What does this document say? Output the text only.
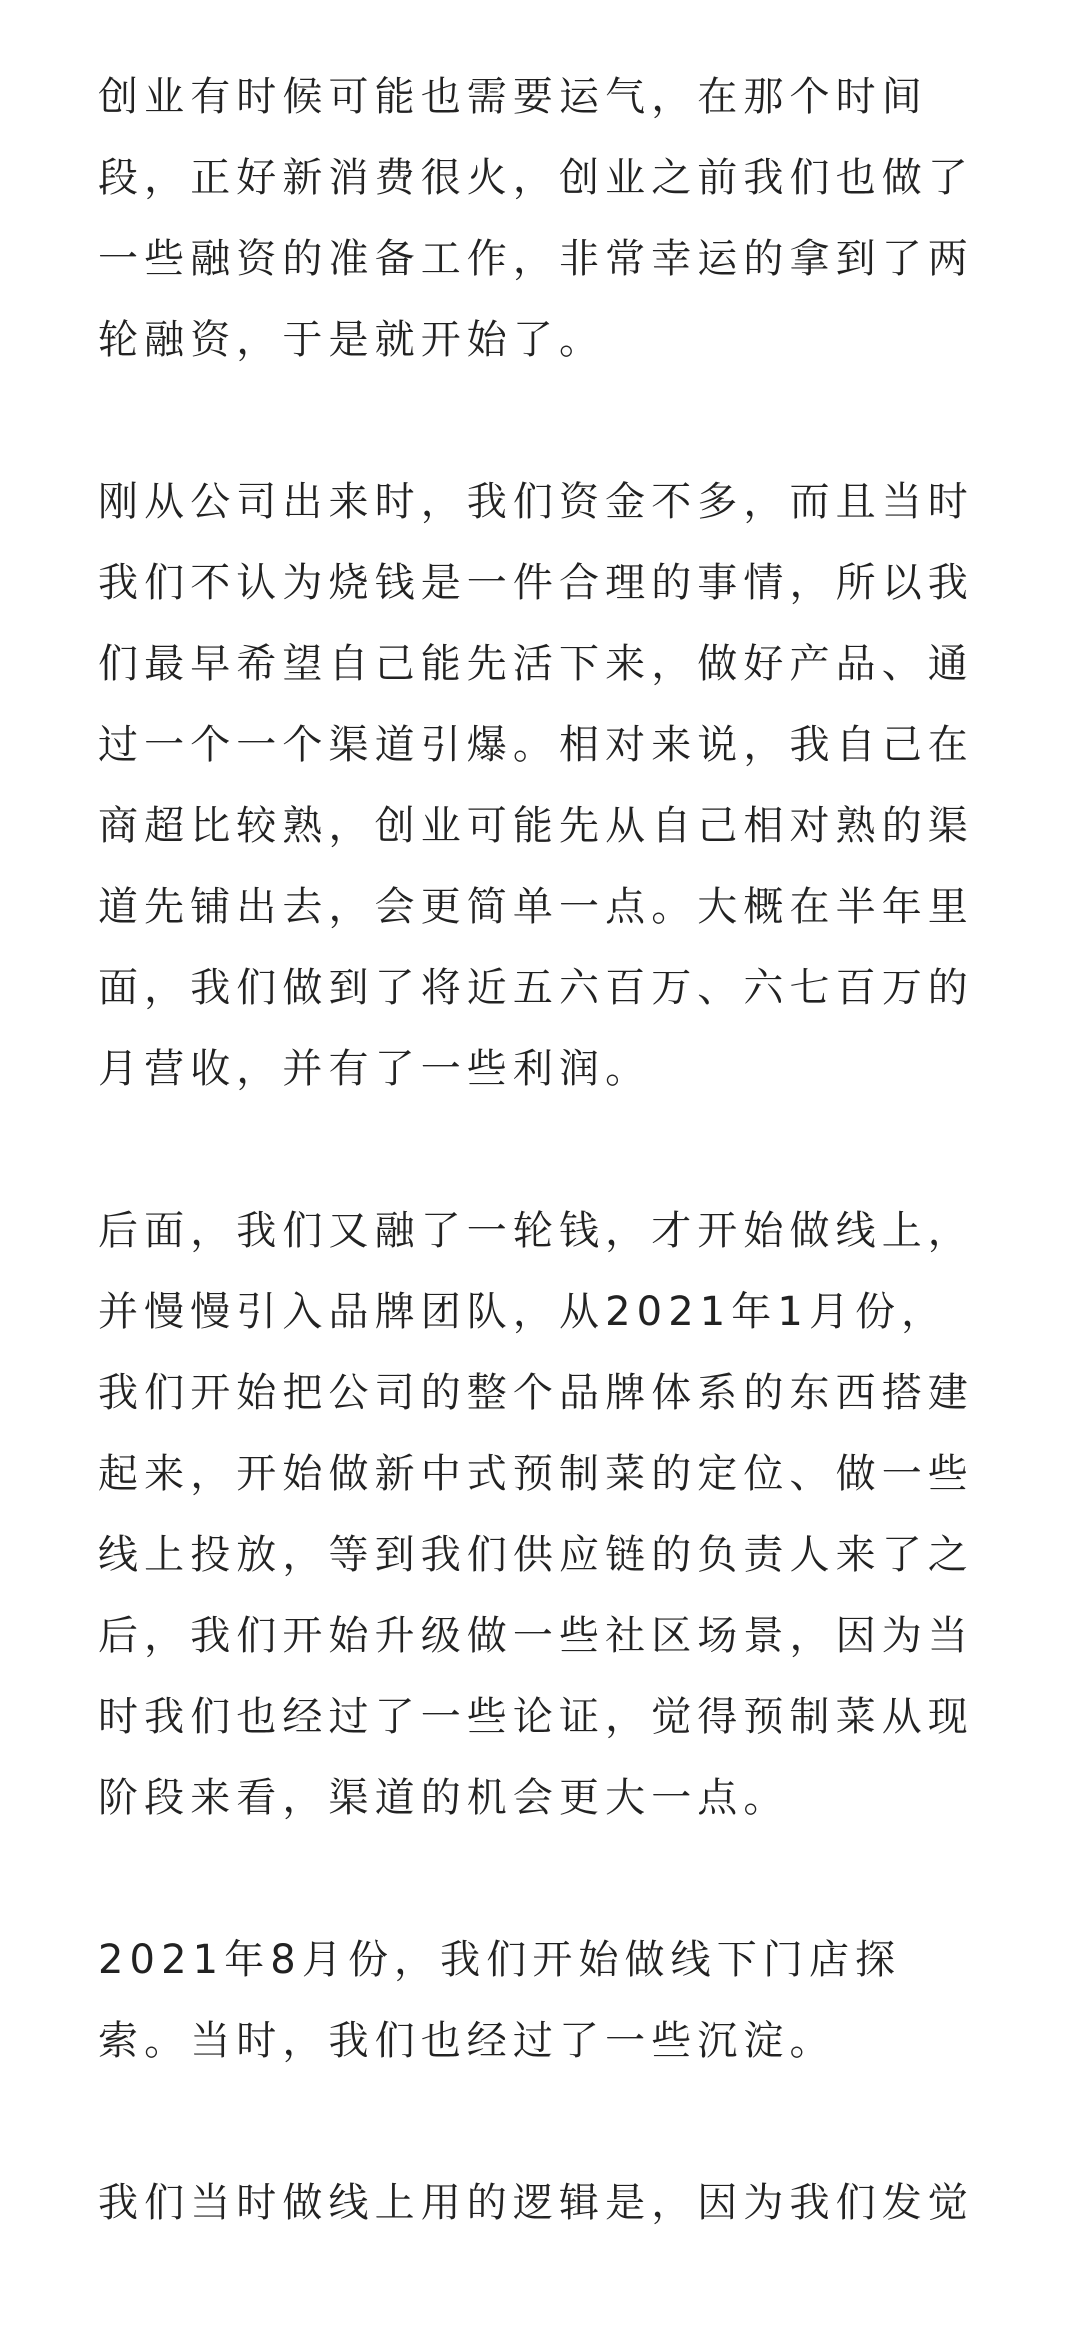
创业有时候可能也需要运气，在那个时间段，正好新消费很火，创业之前我们也做了一些融资的准备工作，非常幸运的拿到了两轮融资，于是就开始了。

刚从公司出来时，我们资金不多，而且当时我们不认为烧钱是一件合理的事情，所以我们最早希望自己能先活下来，做好产品、通过一个一个渠道引爆。相对来说，我自己在商超比较熟，创业可能先从自己相对熟的渠道先铺出去，会更简单一点。大概在半年里面，我们做到了将近五六百万、六七百万的月营收，并有了一些利润。

后面，我们又融了一轮钱，才开始做线上，并慢慢引入品牌团队，从2021年1月份，我们开始把公司的整个品牌体系的东西搭建起来，开始做新中式预制菜的定位、做一些线上投放，等到我们供应链的负责人来了之后，我们开始升级做一些社区场景，因为当时我们也经过了一些论证，觉得预制菜从现阶段来看，渠道的机会更大一点。

2021年8月份，我们开始做线下门店探索。当时，我们也经过了一些沉淀。

我们当时做线上用的逻辑是，因为我们发觉
